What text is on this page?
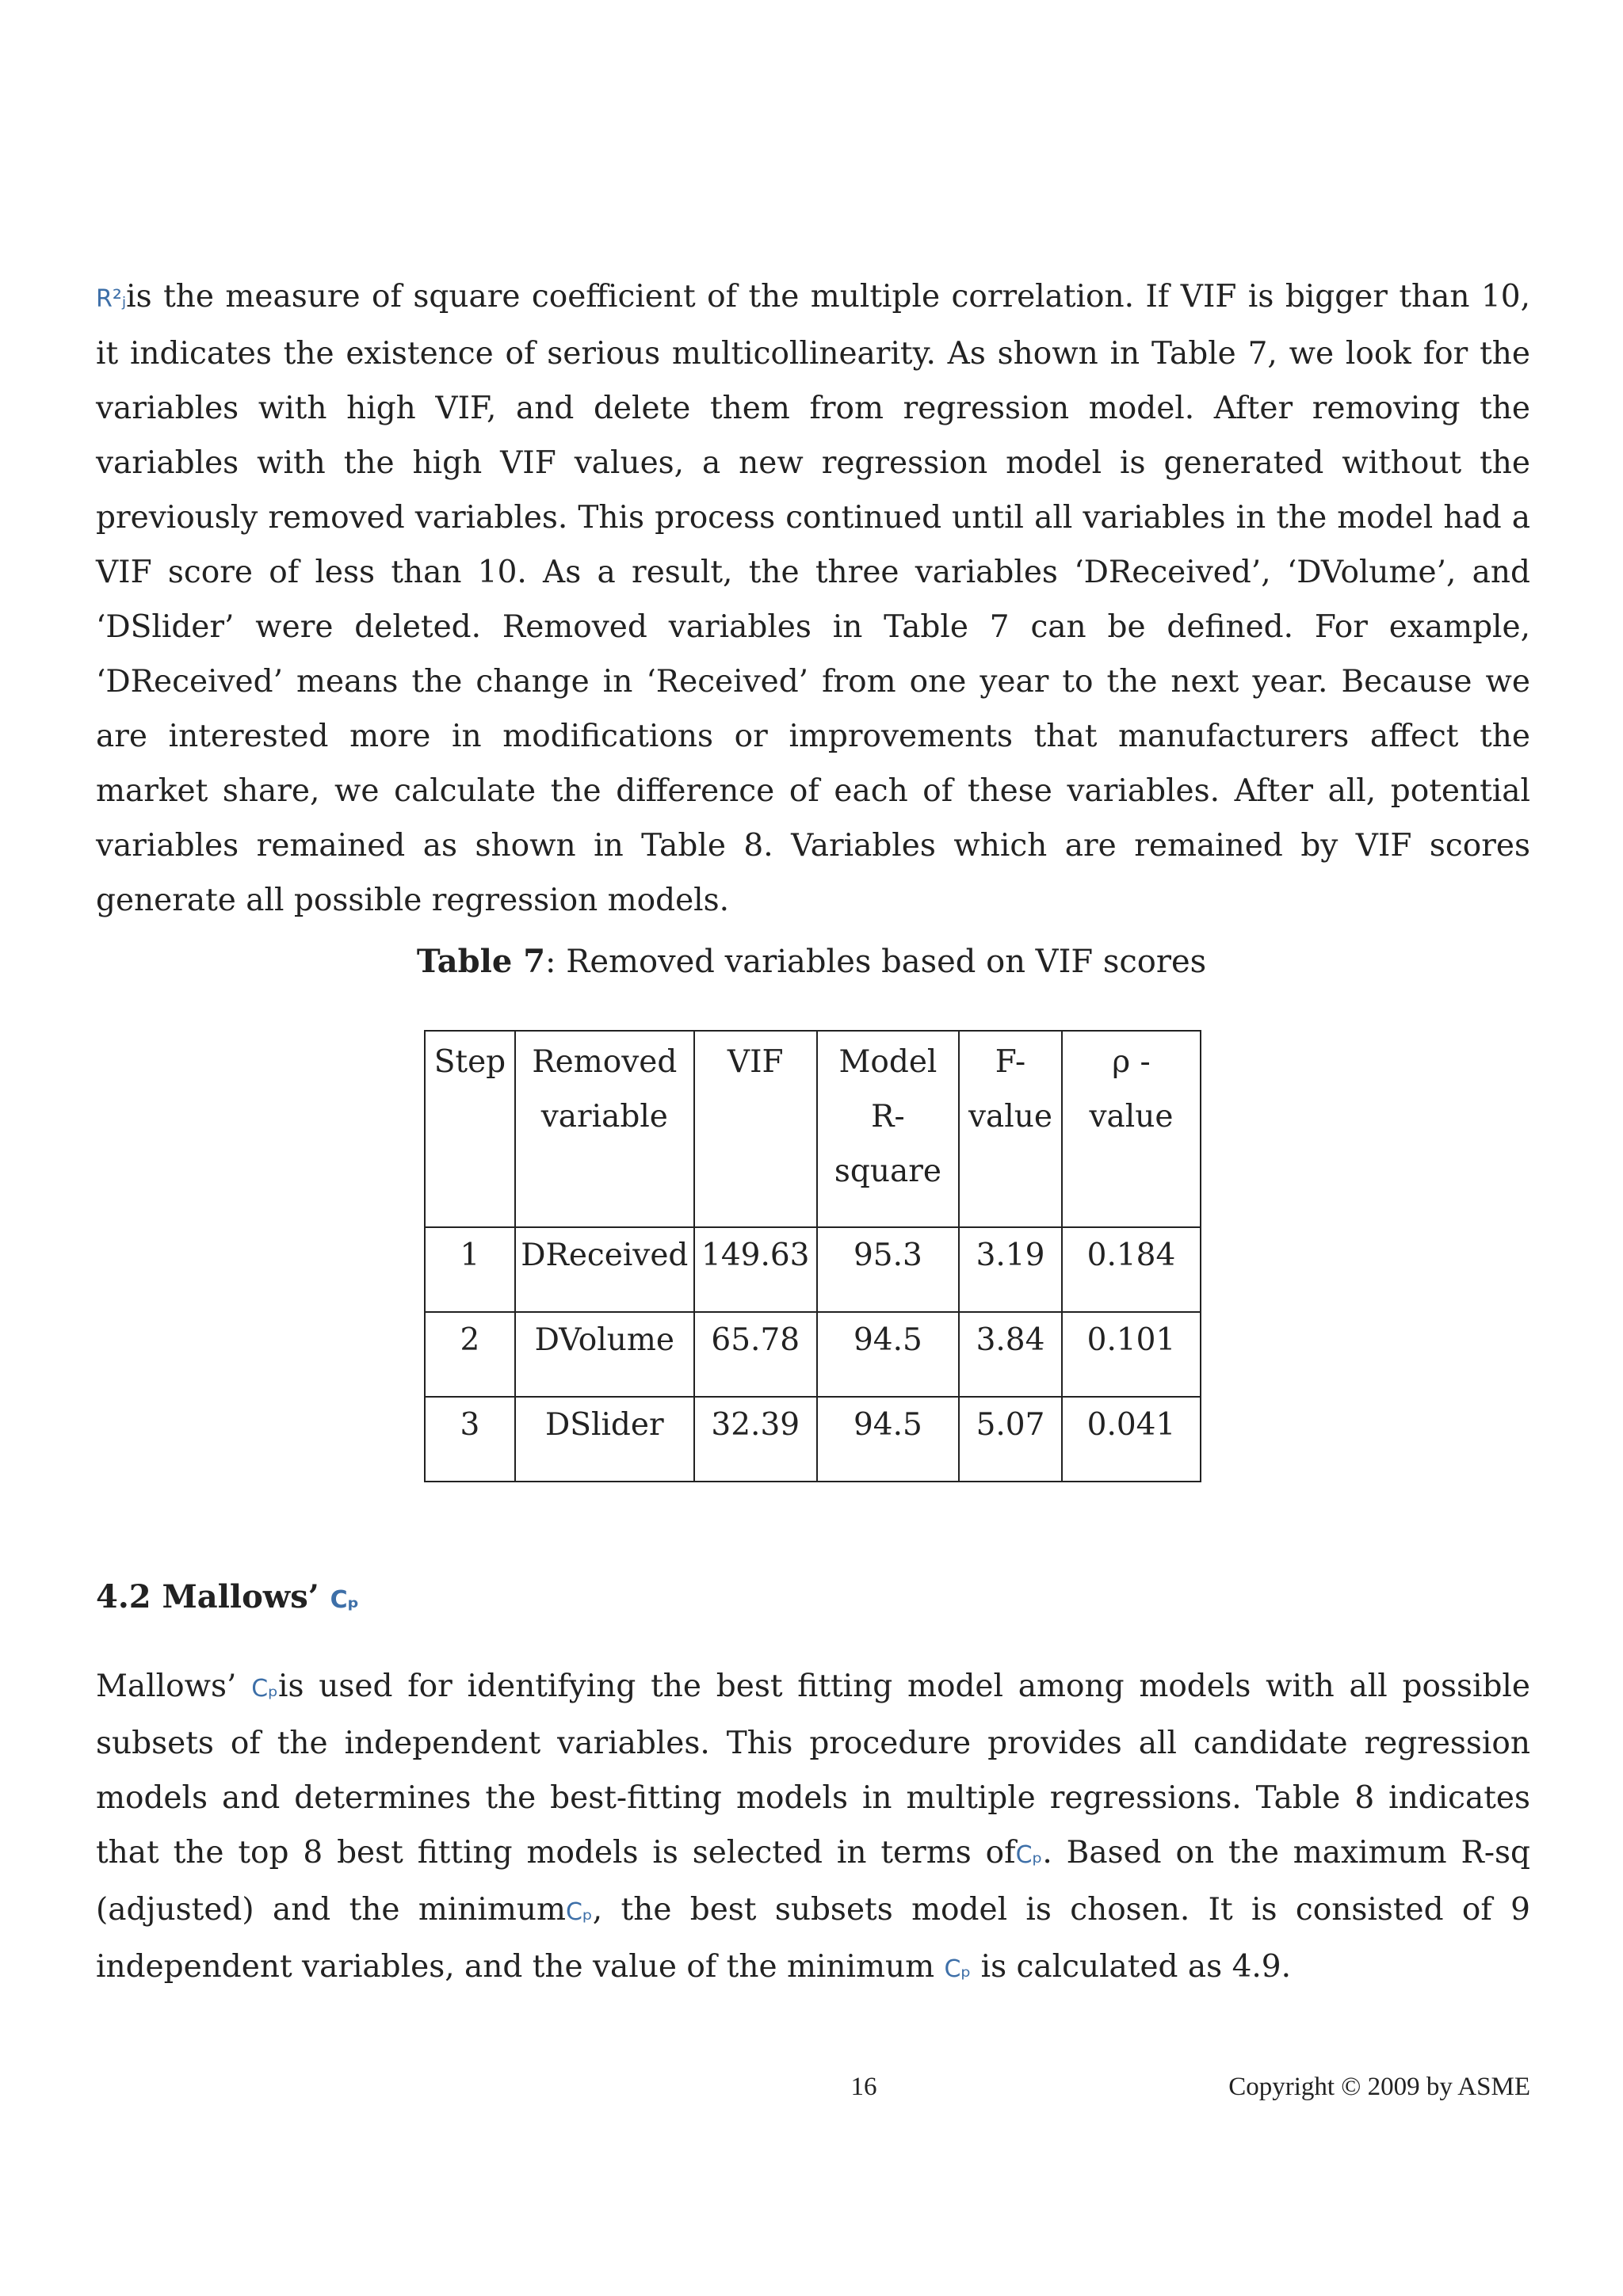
R²ⱼis the measure of square coefficient of the multiple correlation. If VIF is bigger than 10, it indicates the existence of serious multicollinearity. As shown in Table 7, we look for the variables with high VIF, and delete them from regression model. After removing the variables with the high VIF values, a new regression model is generated without the previously removed variables. This process continued until all variables in the model had a VIF score of less than 10. As a result, the three variables ‘DReceived’, ‘DVolume’, and ‘DSlider’ were deleted. Removed variables in Table 7 can be defined. For example, ‘DReceived’ means the change in ‘Received’ from one year to the next year. Because we are interested more in modifications or improvements that manufacturers affect the market share, we calculate the difference of each of these variables. After all, potential variables remained as shown in Table 8. Variables which are remained by VIF scores generate all possible regression models.

Table 7: Removed variables based on VIF scores
Step	Removed variable	VIF	Model R-square	F-value	ρ - value
1	DReceived	149.63	95.3	3.19	0.184
2	DVolume	65.78	94.5	3.84	0.101
3	DSlider	32.39	94.5	5.07	0.041
4.2 Mallows’ Cₚ

Mallows’ Cₚis used for identifying the best fitting model among models with all possible subsets of the independent variables. This procedure provides all candidate regression models and determines the best-fitting models in multiple regressions. Table 8 indicates that the top 8 best fitting models is selected in terms ofCₚ. Based on the maximum R-sq (adjusted) and the minimumCₚ, the best subsets model is chosen. It is consisted of 9 independent variables, and the value of the minimum Cₚ is calculated as 4.9.

16	Copyright © 2009 by ASME
